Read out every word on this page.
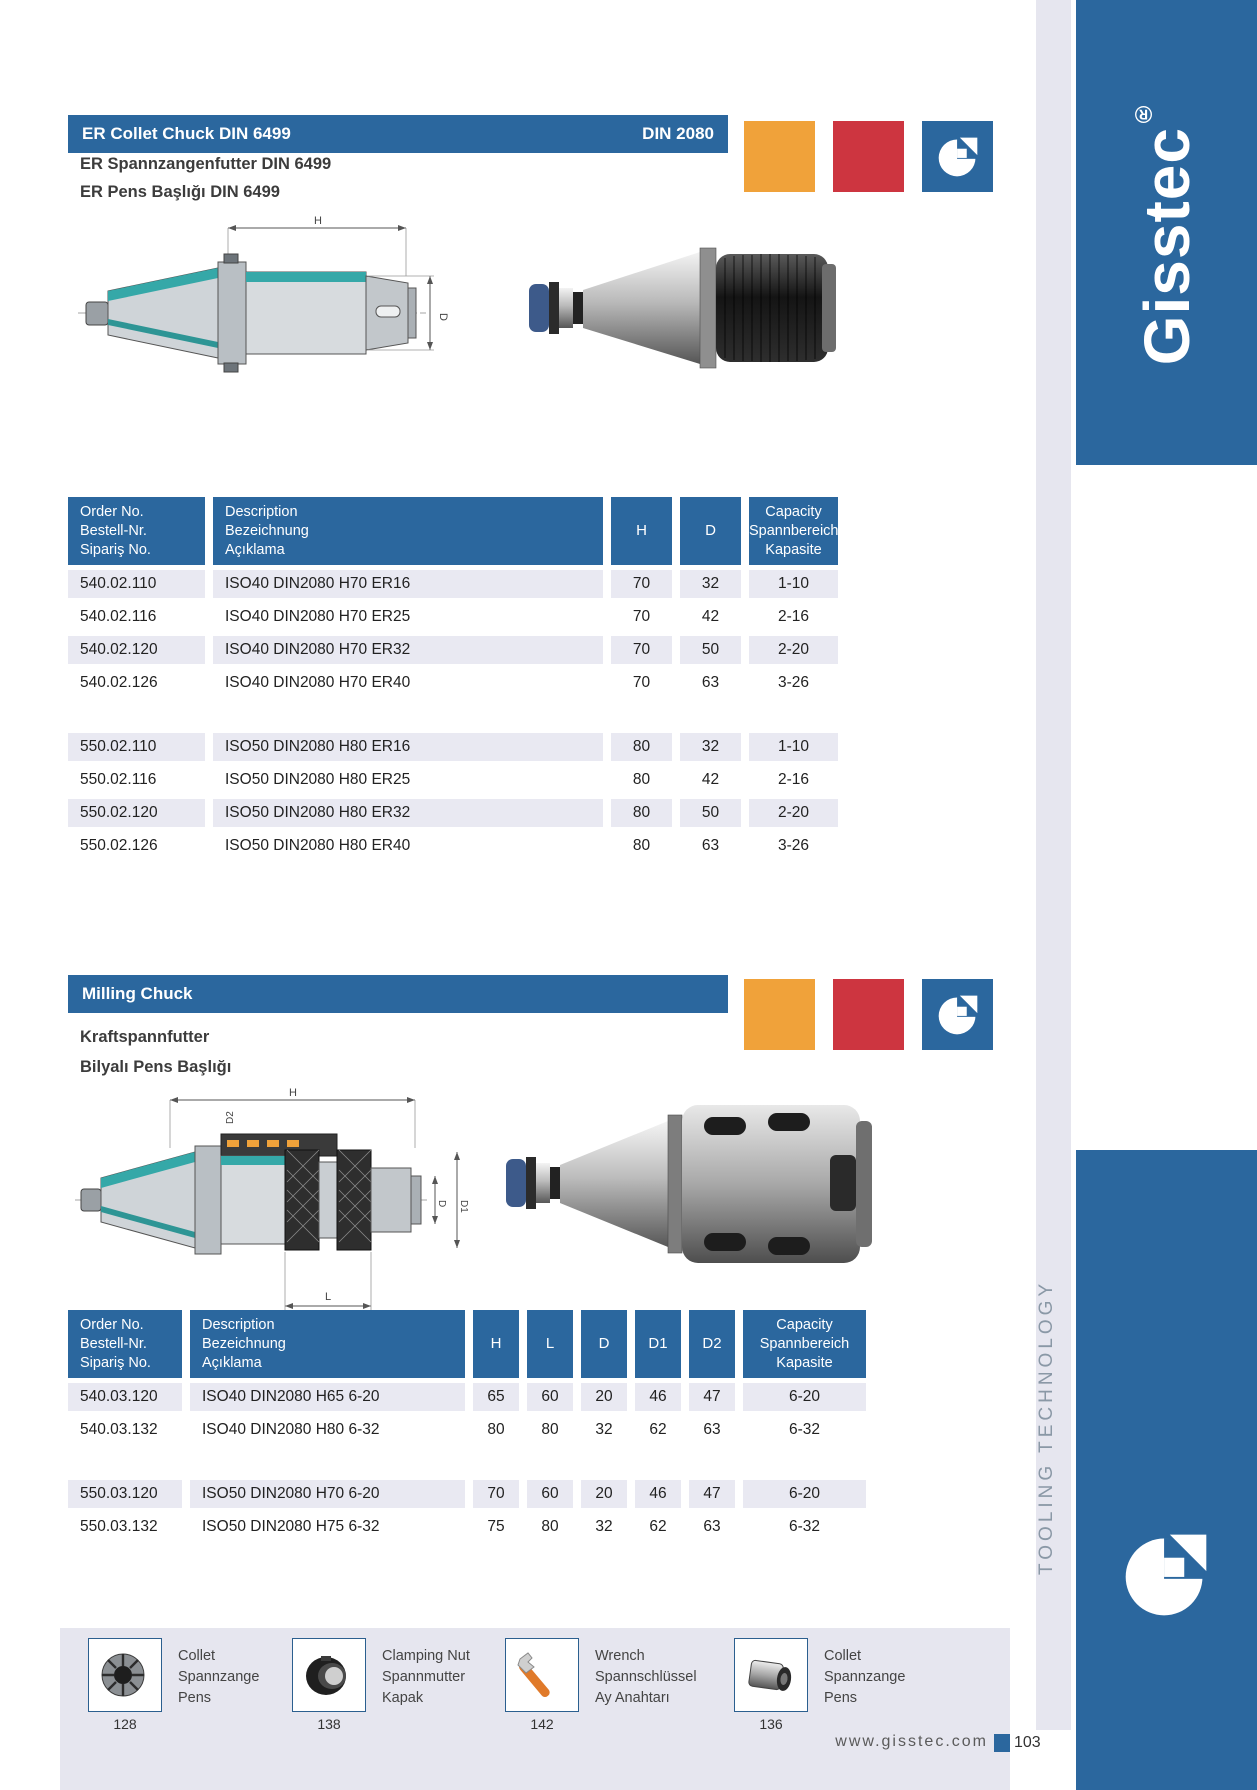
Gisstec®
TOOLING TECHNOLOGY
ER Collet Chuck DIN 6499	DIN 2080
ER Spannzangenfutter DIN 6499
ER Pens Başlığı DIN 6499
H
D
Order No.
Bestell-Nr.
Sipariş No.
Description
Bezeichnung
Açıklama
H	D
Capacity
Spannbereich
Kapasite
540.02.110	ISO40 DIN2080 H70 ER16	70	32	1-10
540.02.116	ISO40 DIN2080 H70 ER25	70	42	2-16
540.02.120	ISO40 DIN2080 H70 ER32	70	50	2-20
540.02.126	ISO40 DIN2080 H70 ER40	70	63	3-26
550.02.110	ISO50 DIN2080 H80 ER16	80	32	1-10
550.02.116	ISO50 DIN2080 H80 ER25	80	42	2-16
550.02.120	ISO50 DIN2080 H80 ER32	80	50	2-20
550.02.126	ISO50 DIN2080 H80 ER40	80	63	3-26
Milling Chuck
Kraftspannfutter
Bilyalı Pens Başlığı
H
D2
D D1
L
Order No.
Bestell-Nr.
Sipariş No.
Description
Bezeichnung
Açıklama
H	L	D	D1	D2
Capacity
Spannbereich
Kapasite
540.03.120	ISO40 DIN2080 H65 6-20	65	60	20	46	47	6-20
540.03.132	ISO40 DIN2080 H80 6-32	80	80	32	62	63	6-32
550.03.120	ISO50 DIN2080 H70 6-20	70	60	20	46	47	6-20
550.03.132	ISO50 DIN2080 H75 6-32	75	80	32	62	63	6-32
Collet
Spannzange
Pens
128
Clamping Nut
Spannmutter
Kapak
138
Wrench
Spannschlüssel
Ay Anahtarı
142
Collet
Spannzange
Pens
136
www.gisstec.com 103
